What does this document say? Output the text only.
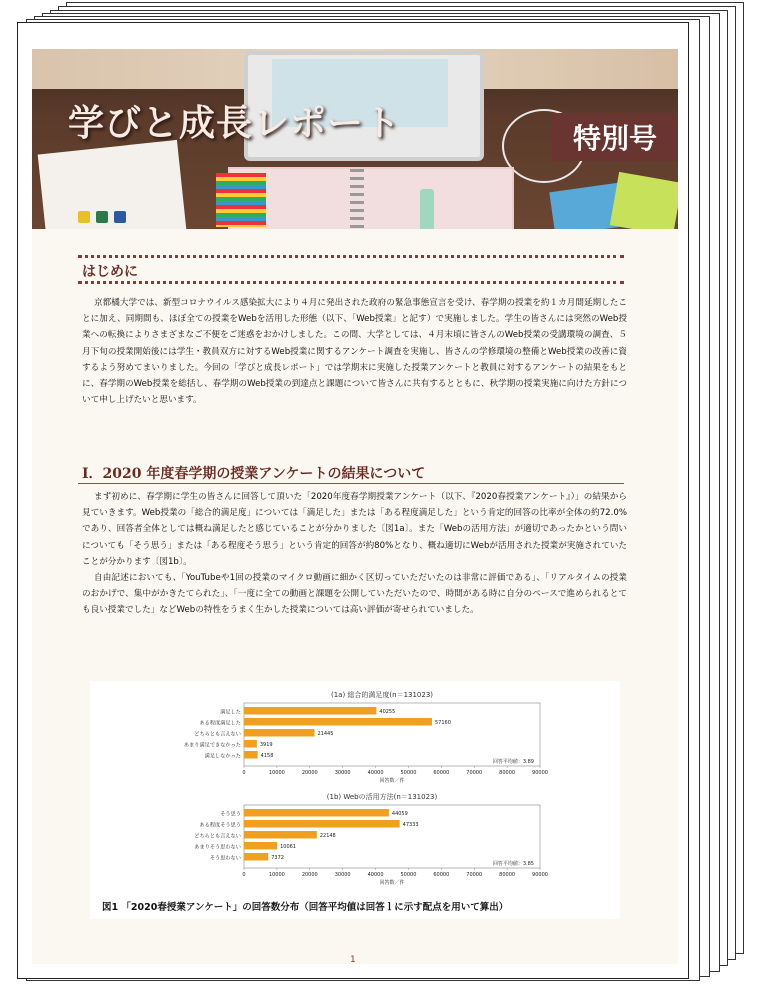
学びと成長レポート	特別号
はじめに

京都橘大学では、新型コロナウイルス感染拡大により４月に発出された政府の緊急事態宣言を受け、春学期の授業を約１カ月間延期したことに加え、同期間も、ほぼ全ての授業をWebを活用した形態（以下、「Web授業」と記す）で実施しました。学生の皆さんには突然のWeb授業への転換によりさまざまなご不便をご迷惑をおかけしました。この間、大学としては、４月末頃に皆さんのWeb授業の受講環境の調査、５月下旬の授業開始後には学生・教員双方に対するWeb授業に関するアンケート調査を実施し、皆さんの学修環境の整備とWeb授業の改善に資するよう努めてまいりました。今回の「学びと成長レポート」では学期末に実施した授業アンケートと教員に対するアンケートの結果をもとに、春学期のWeb授業を総括し、春学期のWeb授業の到達点と課題について皆さんに共有するとともに、秋学期の授業実施に向けた方針について申し上げたいと思います。

Ⅰ．2020 年度春学期の授業アンケートの結果について

まず初めに、春学期に学生の皆さんに回答して頂いた「2020年度春学期授業アンケート（以下、『2020春授業アンケート』）」の結果から見ていきます。Web授業の「総合的満足度」については「満足した」または「ある程度満足した」という肯定的回答の比率が全体の約72.0%であり、回答者全体としては概ね満足したと感じていることが分かりました〔図1a〕。また「Webの活用方法」が適切であったかという問いについても「そう思う」または「ある程度そう思う」という肯定的回答が約80%となり、概ね適切にWebが活用された授業が実施されていたことが分かります〔図1b〕。

自由記述においても、「YouTubeや1回の授業のマイクロ動画に細かく区切っていただいたのは非常に評価である」、「リアルタイムの授業のおかげで、集中がかきたてられた」、「一度に全ての動画と課題を公開していただいたので、時間がある時に自分のペースで進められるとても良い授業でした」などWebの特性をうまく生かした授業については高い評価が寄せられていました。

(1a) 総合的満足度(n＝131023)
満足した	40255
ある程度満足した	57160
どちらとも言えない	21445
あまり満足できなかった	3919
満足しなかった	4158
回答平均値：3.89
0	10000	20000	30000	40000	50000	60000	70000	80000	90000
回答数／件
(1b) Webの活用方法(n＝131023)
そう思う	44059
ある程度そう思う	47333
どちらとも言えない	22148
あまりそう思わない	10061
そう思わない	7372
回答平均値：3.85
0	10000	20000	30000	40000	50000	60000	70000	80000	90000
回答数／件
図1 「2020春授業アンケート」の回答数分布（回答平均値は回答ｌに示す配点を用いて算出）
1
